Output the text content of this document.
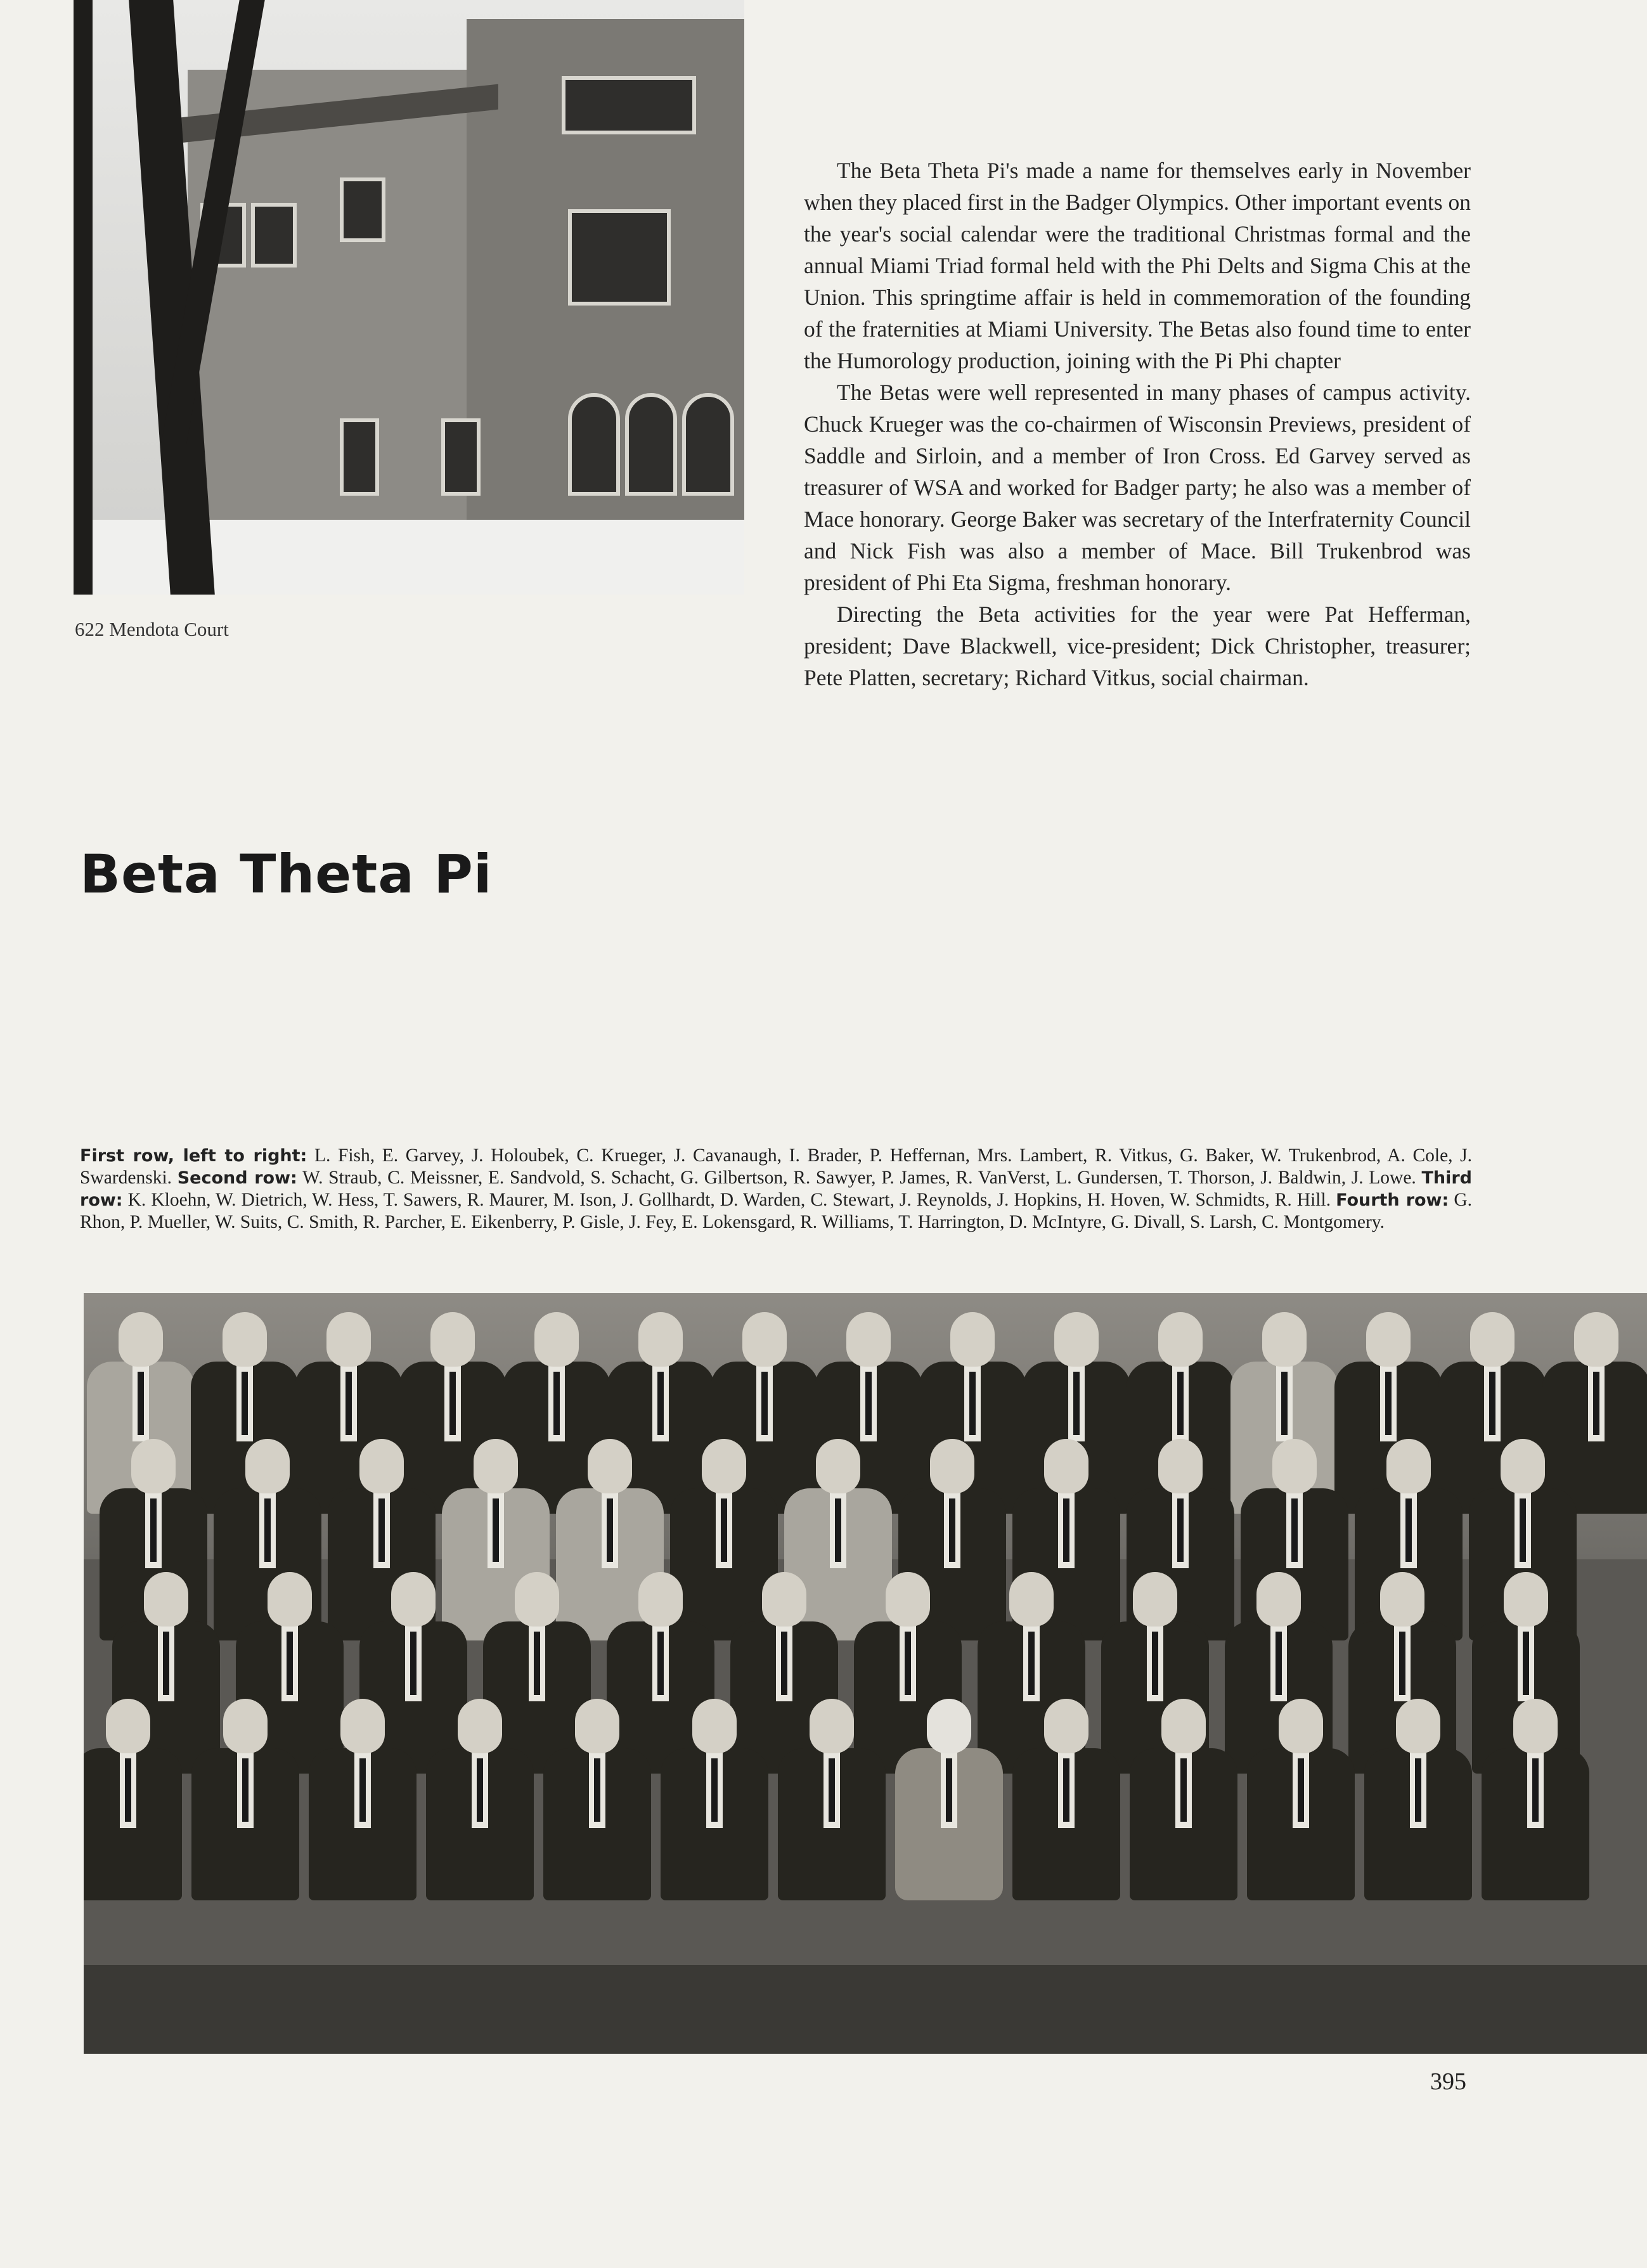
622 Mendota Court
Beta Theta Pi

The Beta Theta Pi's made a name for themselves early in November when they placed first in the Badger Olympics. Other important events on the year's social calendar were the traditional Christmas formal and the annual Miami Triad formal held with the Phi Delts and Sigma Chis at the Union. This springtime affair is held in commemoration of the founding of the fraternities at Miami University. The Betas also found time to enter the Humorology production, joining with the Pi Phi chapter

The Betas were well represented in many phases of campus activity. Chuck Krueger was the co-chairmen of Wisconsin Previews, president of Saddle and Sirloin, and a member of Iron Cross. Ed Garvey served as treasurer of WSA and worked for Badger party; he also was a member of Mace honorary. George Baker was secretary of the Interfraternity Council and Nick Fish was also a member of Mace. Bill Trukenbrod was president of Phi Eta Sigma, freshman honorary.

Directing the Beta activities for the year were Pat Hefferman, president; Dave Blackwell, vice-president; Dick Christopher, treasurer; Pete Platten, secretary; Richard Vitkus, social chairman.

First row, left to right: L. Fish, E. Garvey, J. Holoubek, C. Krueger, J. Cavanaugh, I. Brader, P. Heffernan, Mrs. Lambert, R. Vitkus, G. Baker, W. Trukenbrod, A. Cole, J. Swardenski. Second row: W. Straub, C. Meissner, E. Sandvold, S. Schacht, G. Gilbertson, R. Sawyer, P. James, R. VanVerst, L. Gundersen, T. Thorson, J. Baldwin, J. Lowe. Third row: K. Kloehn, W. Dietrich, W. Hess, T. Sawers, R. Maurer, M. Ison, J. Gollhardt, D. Warden, C. Stewart, J. Reynolds, J. Hopkins, H. Hoven, W. Schmidts, R. Hill. Fourth row: G. Rhon, P. Mueller, W. Suits, C. Smith, R. Parcher, E. Eikenberry, P. Gisle, J. Fey, E. Lokensgard, R. Williams, T. Harrington, D. McIntyre, G. Divall, S. Larsh, C. Montgomery.
395
